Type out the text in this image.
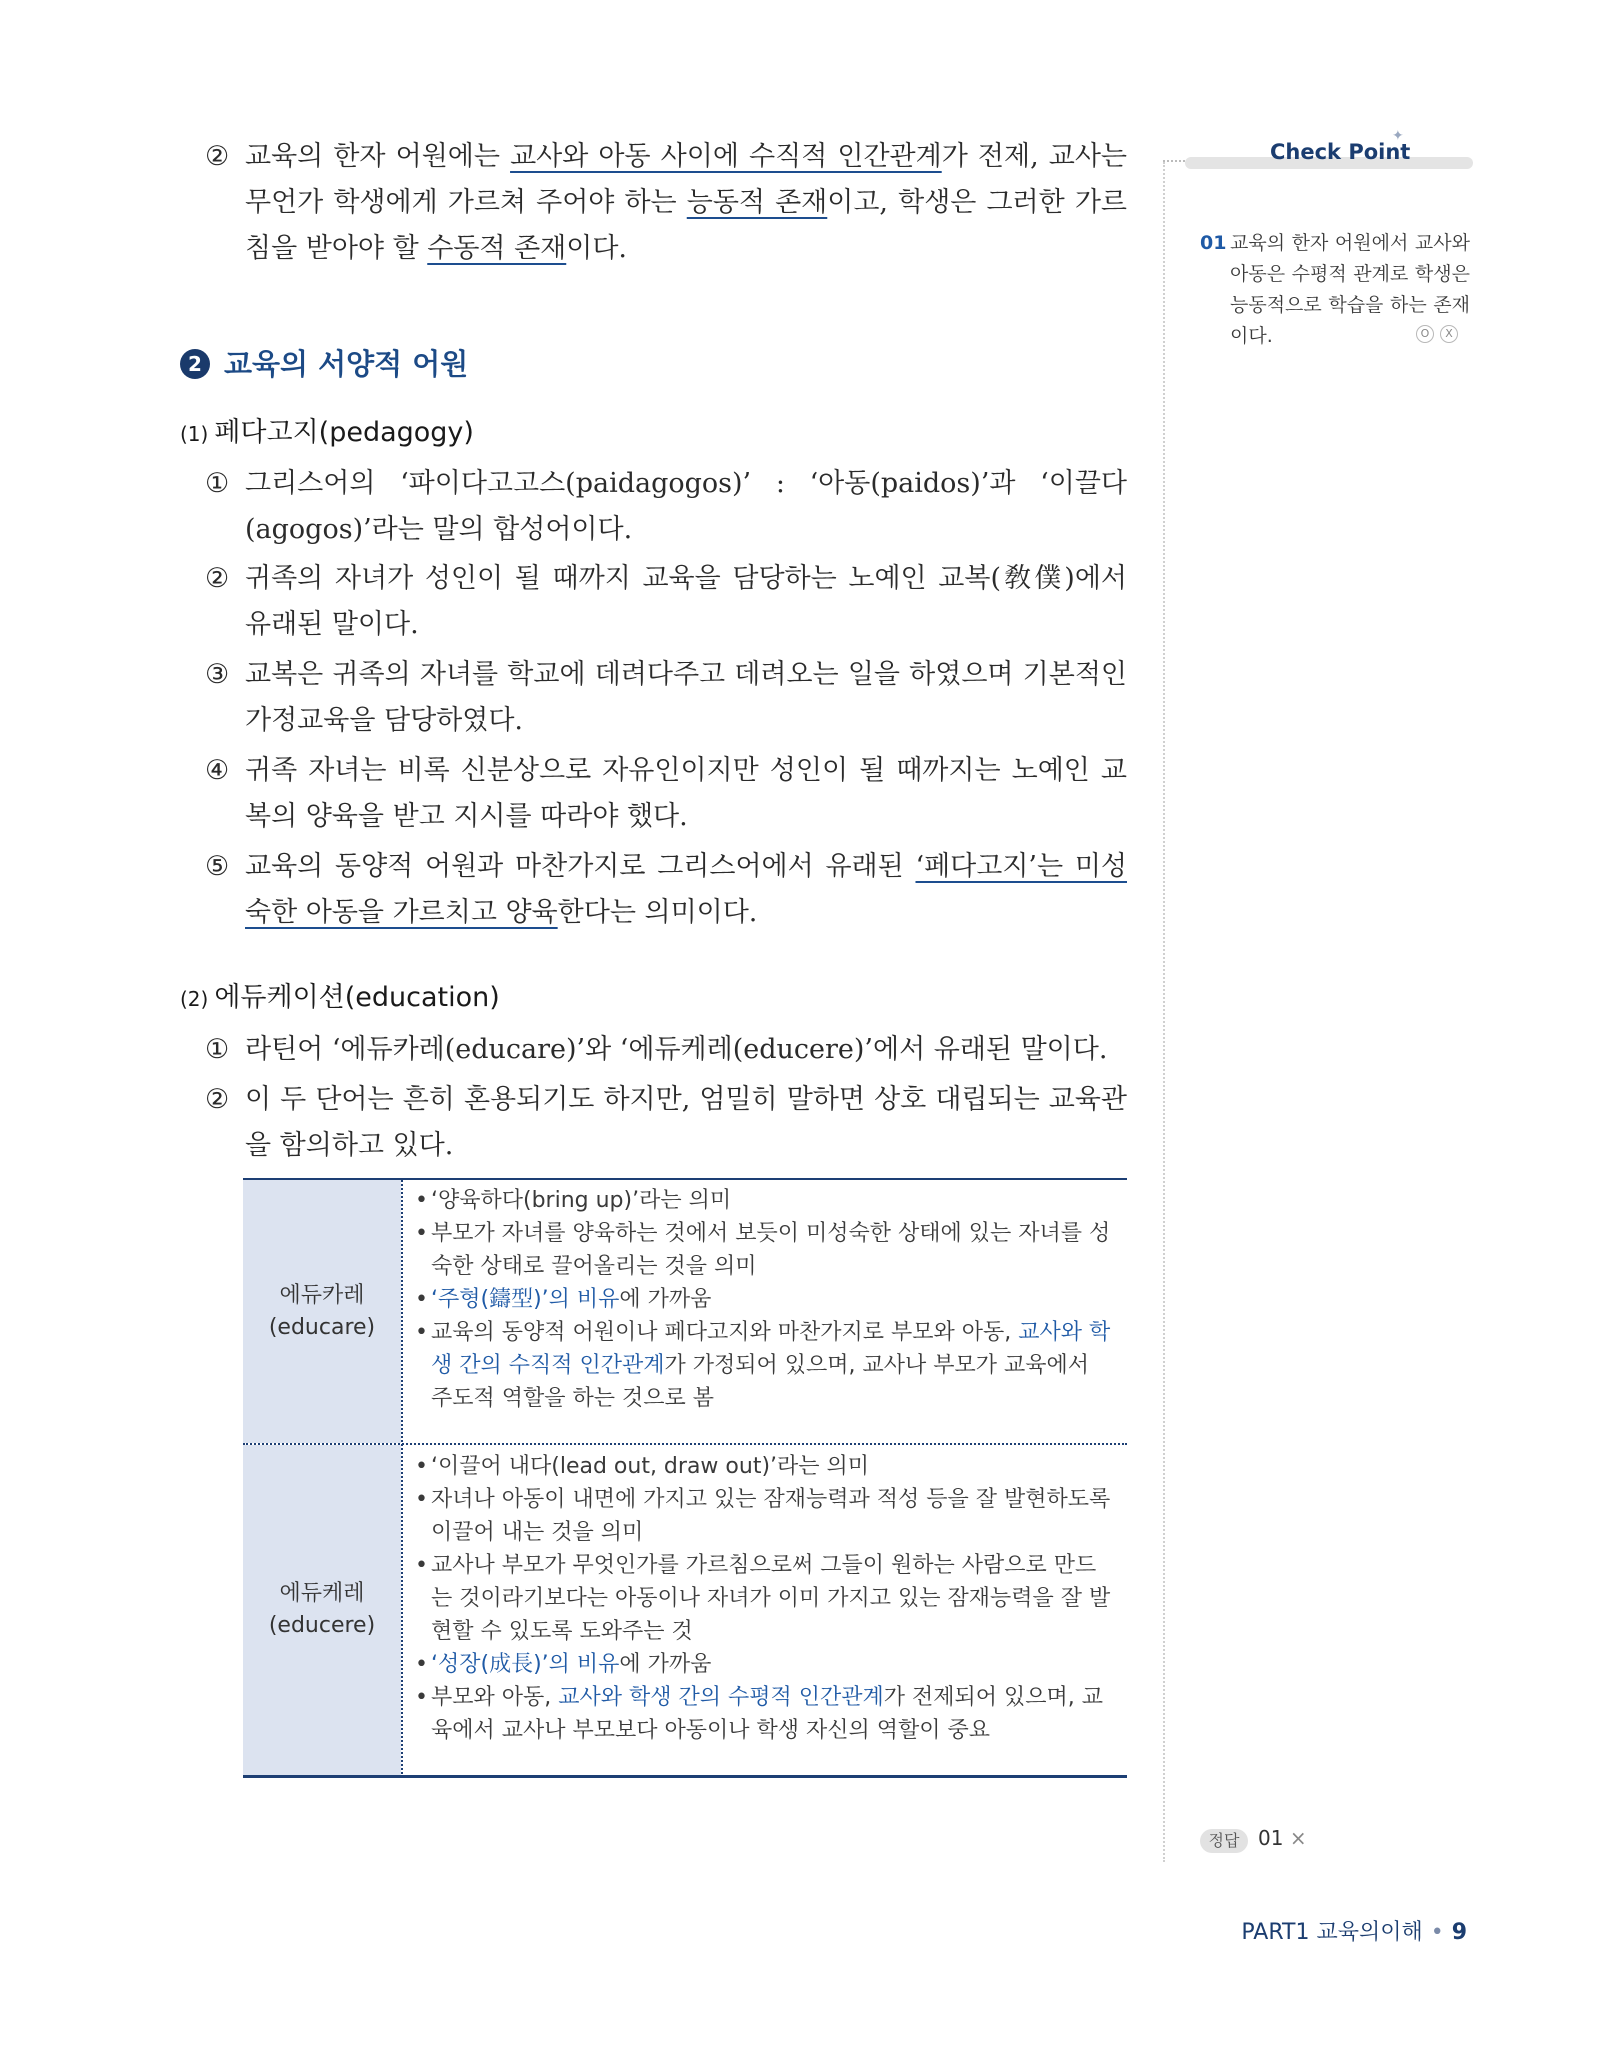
② 교육의 한자 어원에는 교사와 아동 사이에 수직적 인간관계가 전제, 교사는 무언가 학생에게 가르쳐 주어야 하는 능동적 존재이고, 학생은 그러한 가르침을 받아야 할 수동적 존재이다.
2 교육의 서양적 어원
(1) 페다고지(pedagogy)
① 그리스어의 ‘파이다고고스(paidagogos)’ : ‘아동(paidos)’과 ‘이끌다(agogos)’라는 말의 합성어이다.
② 귀족의 자녀가 성인이 될 때까지 교육을 담당하는 노예인 교복(敎僕)에서 유래된 말이다.
③ 교복은 귀족의 자녀를 학교에 데려다주고 데려오는 일을 하였으며 기본적인 가정교육을 담당하였다.
④ 귀족 자녀는 비록 신분상으로 자유인이지만 성인이 될 때까지는 노예인 교복의 양육을 받고 지시를 따라야 했다.
⑤ 교육의 동양적 어원과 마찬가지로 그리스어에서 유래된 ‘페다고지’는 미성숙한 아동을 가르치고 양육한다는 의미이다.
(2) 에듀케이션(education)
① 라틴어 ‘에듀카레(educare)’와 ‘에듀케레(educere)’에서 유래된 말이다.
② 이 두 단어는 흔히 혼용되기도 하지만, 엄밀히 말하면 상호 대립되는 교육관을 함의하고 있다.
에듀카레
(educare)
에듀케레
(educere)

• ‘양육하다(bring up)’라는 의미

• 부모가 자녀를 양육하는 것에서 보듯이 미성숙한 상태에 있는 자녀를 성숙한 상태로 끌어올리는 것을 의미

• ‘주형(鑄型)’의 비유에 가까움

• 교육의 동양적 어원이나 페다고지와 마찬가지로 부모와 아동, 교사와 학생 간의 수직적 인간관계가 가정되어 있으며, 교사나 부모가 교육에서 주도적 역할을 하는 것으로 봄

• ‘이끌어 내다(lead out, draw out)’라는 의미

• 자녀나 아동이 내면에 가지고 있는 잠재능력과 적성 등을 잘 발현하도록 이끌어 내는 것을 의미

• 교사나 부모가 무엇인가를 가르침으로써 그들이 원하는 사람으로 만드는 것이라기보다는 아동이나 자녀가 이미 가지고 있는 잠재능력을 잘 발현할 수 있도록 도와주는 것

• ‘성장(成長)’의 비유에 가까움

• 부모와 아동, 교사와 학생 간의 수평적 인간관계가 전제되어 있으며, 교육에서 교사나 부모보다 아동이나 학생 자신의 역할이 중요

Check Point
✦
01 교육의 한자 어원에서 교사와 아동은 수평적 관계로 학생은 능동적으로 학습을 하는 존재이다.	O	X
정답 01 ×
PART1 교육의이해 • 9
